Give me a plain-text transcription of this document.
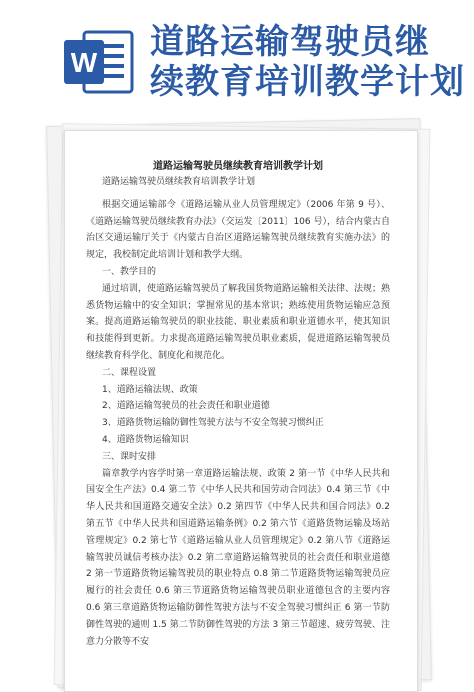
W
道路运输驾驶员继
续教育培训教学计划

道路运输驾驶员继续教育培训教学计划

道路运输驾驶员继续教育培训教学计划

根据交通运输部令《道路运输从业人员管理规定》（2006 年第 9 号）、《道路运输驾驶员继续教育办法》（交运发〔2011〕106 号），结合内蒙古自治区交通运输厅关于《内蒙古自治区道路运输驾驶员继续教育实施办法》的规定，我校制定此培训计划和教学大纲。

一、教学目的

通过培训，使道路运输驾驶员了解我国货物道路运输相关法律、法规；熟悉货物运输中的安全知识；掌握常见的基本常识；熟练使用货物运输应急预案。提高道路运输驾驶员的职业技能、职业素质和职业道德水平，使其知识和技能得到更新。力求提高道路运输驾驶员职业素质，促进道路运输驾驶员继续教育科学化、制度化和规范化。

二、课程设置

1、道路运输法规、政策

2、道路运输驾驶员的社会责任和职业道德

3、道路货物运输防御性驾驶方法与不安全驾驶习惯纠正

4、道路货物运输知识

三、课时安排

篇章教学内容学时第一章道路运输法规、政策 2 第一节《中华人民共和国安全生产法》0.4 第二节《中华人民共和国劳动合同法》0.4 第三节《中华人民共和国道路交通安全法》0.2 第四节《中华人民共和国合同法》0.2 第五节《中华人民共和国道路运输条例》0.2 第六节《道路货物运输及场站管理规定》0.2 第七节《道路运输从业人员管理规定》0.2 第八节《道路运输驾驶员诚信考核办法》0.2 第二章道路运输驾驶员的社会责任和职业道德 2 第一节道路货物运输驾驶员的职业特点 0.8 第二节道路货物运输驾驶员应履行的社会责任 0.6 第三节道路货物运输驾驶员职业道德包含的主要内容 0.6 第三章道路货物运输防御性驾驶方法与不安全驾驶习惯纠正 6 第一节防御性驾驶的通则 1.5 第二节防御性驾驶的方法 3 第三节超速、疲劳驾驶、注意力分散等不安
